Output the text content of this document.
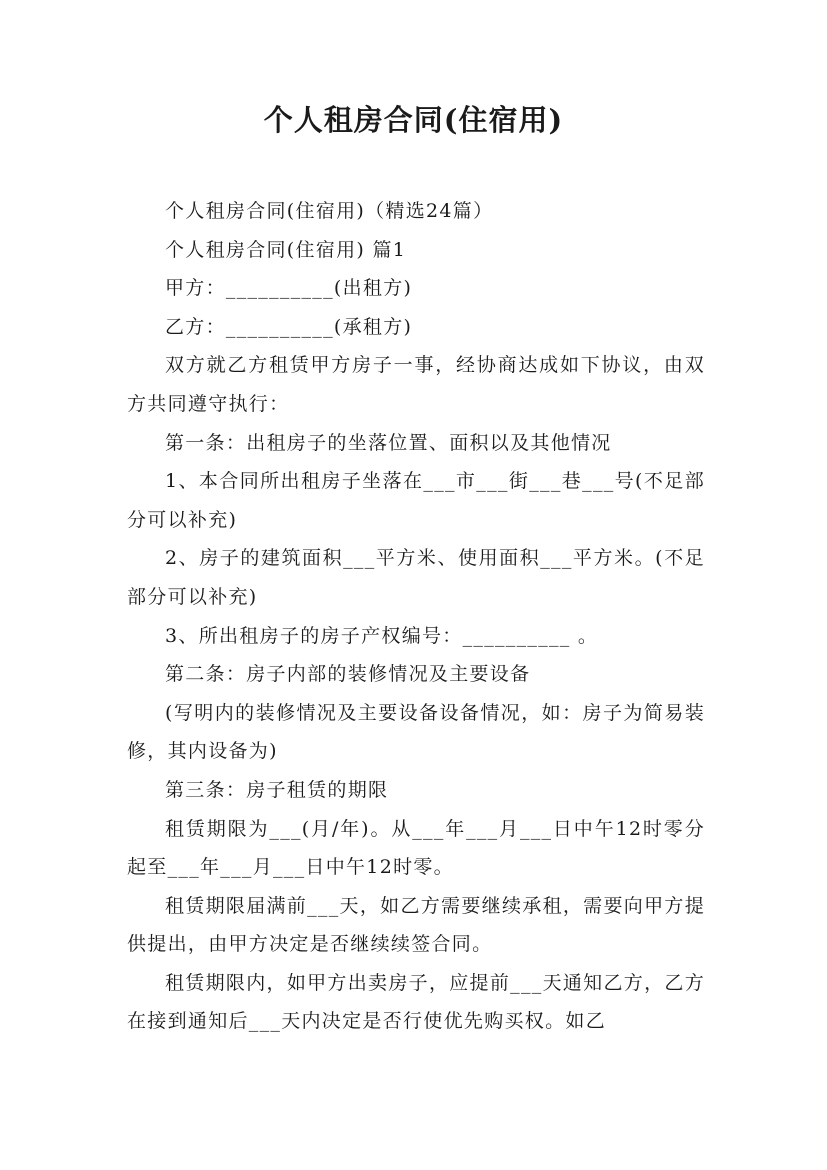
个人租房合同(住宿用)

个人租房合同(住宿用)（精选24篇）

个人租房合同(住宿用) 篇1

甲方：__________(出租方)

乙方：__________(承租方)

双方就乙方租赁甲方房子一事，经协商达成如下协议，由双方共同遵守执行：

第一条：出租房子的坐落位置、面积以及其他情况

1、本合同所出租房子坐落在___市___街___巷___号(不足部分可以补充)

2、房子的建筑面积___平方米、使用面积___平方米。(不足部分可以补充)

3、所出租房子的房子产权编号：__________ 。

第二条：房子内部的装修情况及主要设备

(写明内的装修情况及主要设备设备情况，如：房子为简易装修，其内设备为)

第三条：房子租赁的期限

租赁期限为___(月/年)。从___年___月___日中午12时零分起至___年___月___日中午12时零。

租赁期限届满前___天，如乙方需要继续承租，需要向甲方提供提出，由甲方决定是否继续续签合同。

租赁期限内，如甲方出卖房子，应提前___天通知乙方，乙方在接到通知后___天内决定是否行使优先购买权。如乙
